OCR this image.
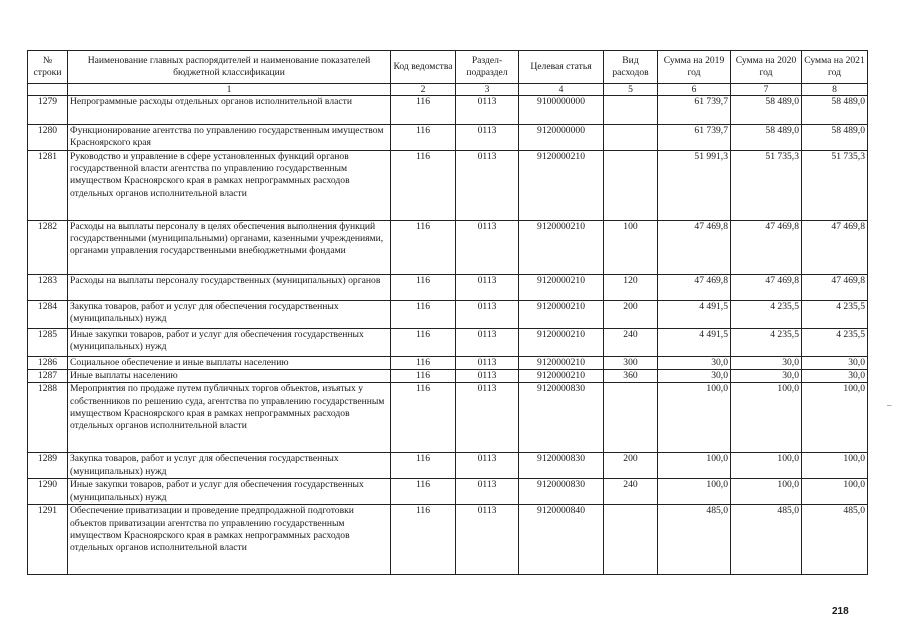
№ строки	Наименование главных распорядителей и наименование показателей бюджетной классификации	Код ведомства	Раздел-подраздел	Целевая статья	Вид расходов	Сумма на 2019 год	Сумма на 2020 год	Сумма на 2021 год
	1	2	3	4	5	6	7	8
1279	Непрограммные расходы отдельных органов исполнительной власти	116	0113	9100000000		61 739,7	58 489,0	58 489,0
1280	Функционирование агентства по управлению государственным имуществом Красноярского края	116	0113	9120000000		61 739,7	58 489,0	58 489,0
1281	Руководство и управление в сфере установленных функций органов государственной власти агентства по управлению государственным имуществом Красноярского края в рамках непрограммных расходов отдельных органов исполнительной власти	116	0113	9120000210		51 991,3	51 735,3	51 735,3
1282	Расходы на выплаты персоналу в целях обеспечения выполнения функций государственными (муниципальными) органами, казенными учреждениями, органами управления государственными внебюджетными фондами	116	0113	9120000210	100	47 469,8	47 469,8	47 469,8
1283	Расходы на выплаты персоналу государственных (муниципальных) органов	116	0113	9120000210	120	47 469,8	47 469,8	47 469,8
1284	Закупка товаров, работ и услуг для обеспечения государственных (муниципальных) нужд	116	0113	9120000210	200	4 491,5	4 235,5	4 235,5
1285	Иные закупки товаров, работ и услуг для обеспечения государственных (муниципальных) нужд	116	0113	9120000210	240	4 491,5	4 235,5	4 235,5
1286	Социальное обеспечение и иные выплаты населению	116	0113	9120000210	300	30,0	30,0	30,0
1287	Иные выплаты населению	116	0113	9120000210	360	30,0	30,0	30,0
1288	Мероприятия по продаже путем публичных торгов объектов, изъятых у собственников по решению суда, агентства по управлению государственным имуществом Красноярского края в рамках непрограммных расходов отдельных органов исполнительной власти	116	0113	9120000830		100,0	100,0	100,0
1289	Закупка товаров, работ и услуг для обеспечения государственных (муниципальных) нужд	116	0113	9120000830	200	100,0	100,0	100,0
1290	Иные закупки товаров, работ и услуг для обеспечения государственных (муниципальных) нужд	116	0113	9120000830	240	100,0	100,0	100,0
1291	Обеспечение приватизации и проведение предпродажной подготовки объектов приватизации агентства по управлению государственным имуществом Красноярского края в рамках непрограммных расходов отдельных органов исполнительной власти	116	0113	9120000840		485,0	485,0	485,0
218
–
